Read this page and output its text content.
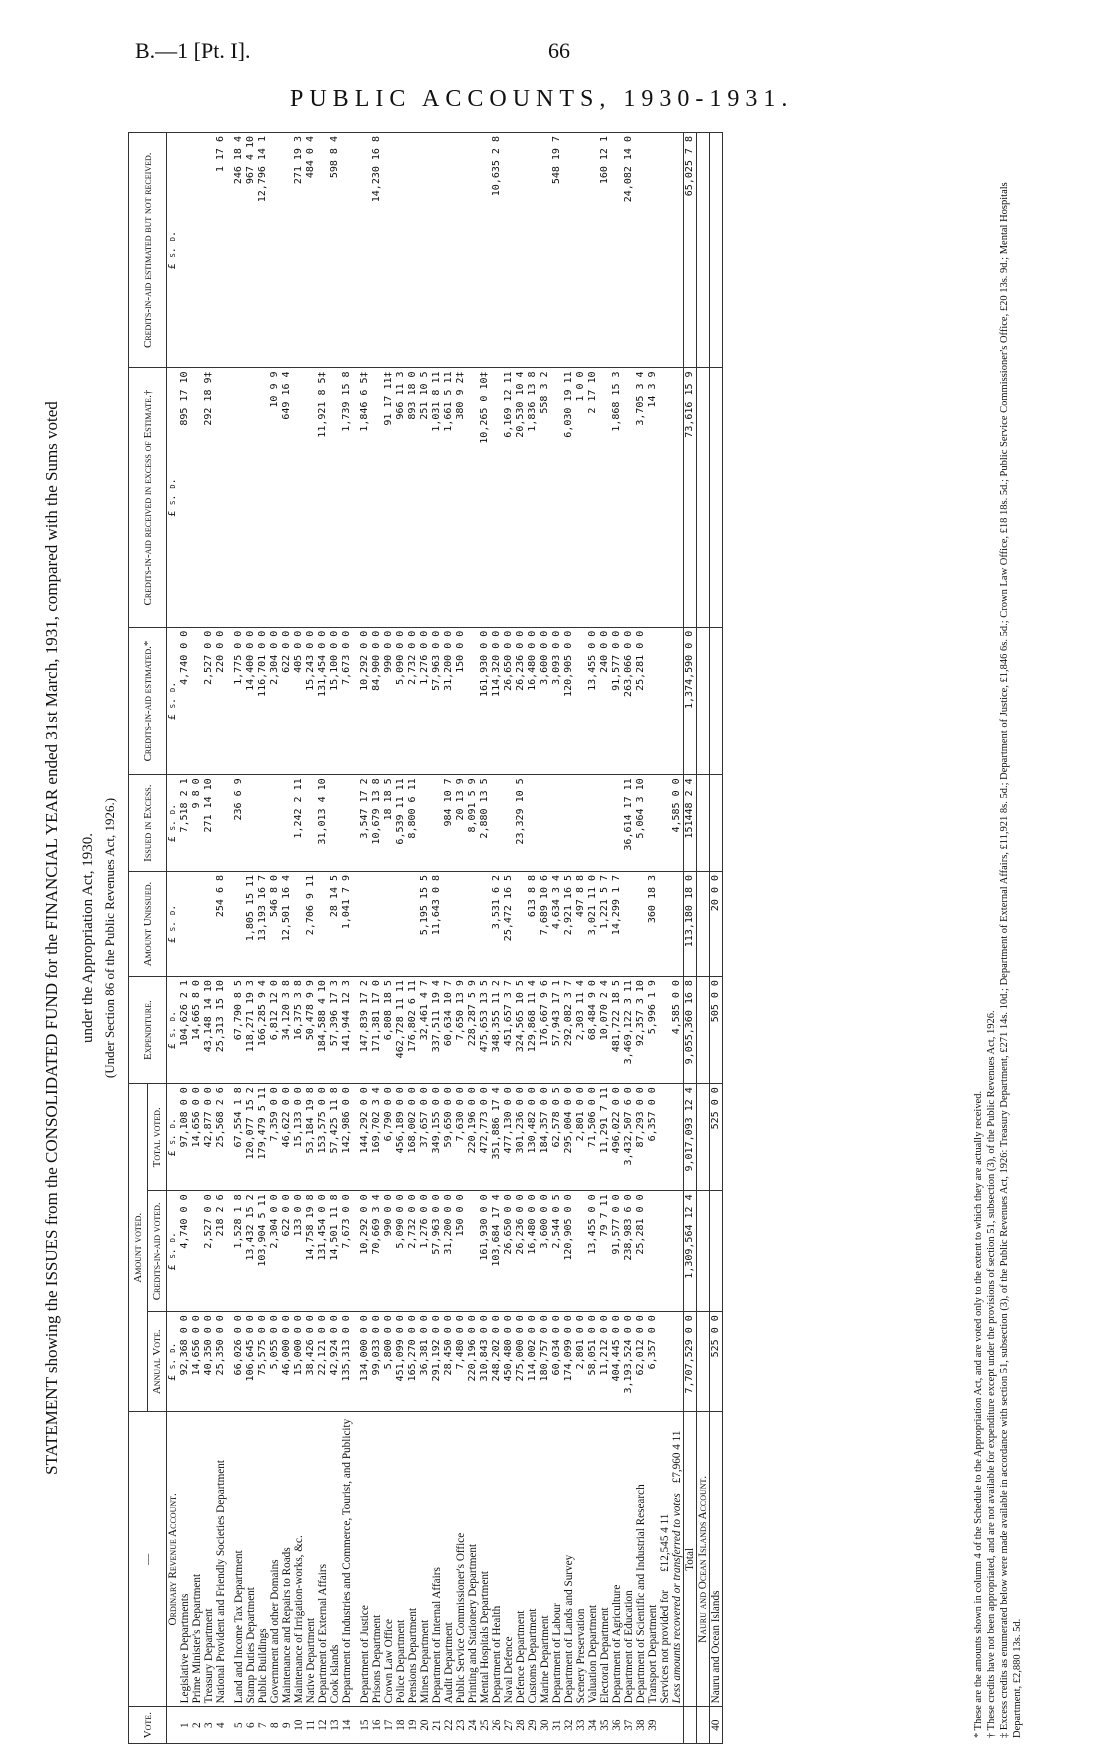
B.—1 [Pt. I].	66
PUBLIC ACCOUNTS, 1930-1931.
STATEMENT showing the ISSUES from the CONSOLIDATED FUND for the FINANCIAL YEAR ended 31st March, 1931, compared with the Sums voted under the Appropriation Act, 1930. (Under Section 86 of the Public Revenues Act, 1926.)
Vote.	—	Amount voted.			Expenditure.	Amount Unissued.	Issued in Excess.	Credits-in-aid estimated.*	Credits-in-aid received in excess of Estimate.†	Credits-in-aid estimated but not received.
		Annual Vote.	Credits-in-aid voted.	Total voted.						
	Ordinary Revenue Account.	£ s. d.	£ s. d.	£ s. d.	£ s. d.	£ s. d.	£ s. d.	£ s. d.	£ s. d.	£ s. d.
1	Legislative Departments	92,368 0 0	4,740 0 0	97,108 0 0	104,626 2 1		7,518 2 1	4,740 0 0	895 17 10	
2	Prime Minister's Department	14,656 0 0		14,656 0 0	14,665 8 0		9 8 0			
3	Treasury Department	40,350 0 0	2,527 0 0	42,877 0 0	43,148 14 10		271 14 10	2,527 0 0	292 18 9‡	
4	National Provident and Friendly Societies Department	25,350 0 0	218 2 6	25,568 2 6	25,313 15 10	254 6 8		220 0 0		1 17 6

5	Land and Income Tax Department	66,026 0 0	1,528 1 8	67,554 1 8	67,790 8 5		236 6 9	1,775 0 0		246 18 4
6	Stamp Duties Department	106,645 0 0	13,432 15 2	120,077 15 2	118,271 19 3	1,805 15 11		14,400 0 0		967 4 10
7	Public Buildings	75,575 0 0	103,904 5 11	179,479 5 11	166,285 9 4	13,193 16 7		116,701 0 0		12,796 14 1
8	Government and other Domains	5,055 0 0	2,304 0 0	7,359 0 0	6,812 12 0	546 8 0		2,304 0 0	10 9 9	
9	Maintenance and Repairs to Roads	46,000 0 0	622 0 0	46,622 0 0	34,120 3 8	12,501 16 4		622 0 0	649 16 4	
10	Maintenance of Irrigation-works, &c.	15,000 0 0	133 0 0	15,133 0 0	16,375 3 8		1,242 2 11	405 0 0		271 19 3
11	Native Department	38,426 0 0	14,758 19 8	53,184 19 8	50,478 9 9	2,706 9 11		15,243 0 0		484 0 4
12	Department of External Affairs	22,121 0 0	131,454 0 0	153,575 0 0	184,588 4 10		31,013 4 10	131,454 0 0	11,921 8 5‡	
13	Cook Islands	42,924 0 0	14,501 11 8	57,425 11 8	57,396 17 3	28 14 5		15,100 0 0		598 8 4
14	Department of Industries and Commerce, Tourist, and Publicity	135,313 0 0	7,673 0 0	142,986 0 0	141,944 12 3	1,041 7 9		7,673 0 0	1,739 15 8	

15	Department of Justice	134,000 0 0	10,292 0 0	144,292 0 0	147,839 17 2		3,547 17 2	10,292 0 0	1,846 6 5‡	
16	Prisons Department	99,033 0 0	70,669 3 4	169,702 3 4	171,381 17 0		10,679 13 8	84,900 0 0		14,230 16 8
17	Crown Law Office	5,800 0 0	990 0 0	6,790 0 0	6,808 18 5		18 18 5	990 0 0	91 17 11‡	
18	Police Department	451,099 0 0	5,090 0 0	456,189 0 0	462,728 11 11		6,539 11 11	5,090 0 0	966 11 3	
19	Pensions Department	165,270 0 0	2,732 0 0	168,002 0 0	176,802 6 11		8,800 6 11	2,732 0 0	893 18 0	
20	Mines Department	36,381 0 0	1,276 0 0	37,657 0 0	32,461 4 7	5,195 15 5		1,276 0 0	251 10 5	
21	Department of Internal Affairs	291,192 0 0	57,963 0 0	349,155 0 0	337,511 19 4	11,643 0 8		57,963 0 0	1,031 8 11	
22	Audit Department	28,450 0 0	31,200 0 0	59,650 0 0	60,634 10 7		984 10 7	31,200 0 0	1,661 5 11	
23	Public Service Commissioner's Office	7,480 0 0	150 0 0	7,630 0 0	7,650 13 9		20 13 9	150 0 0	380 9 2‡	
24	Printing and Stationery Department	220,196 0 0		220,196 0 0	228,287 5 9		8,091 5 9			
25	Mental Hospitals Department	310,843 0 0	161,930 0 0	472,773 0 0	475,653 13 5		2,880 13 5	161,930 0 0	10,265 0 10‡	
26	Department of Health	248,202 0 0	103,684 17 4	351,886 17 4	348,355 11 2	3,531 6 2		114,320 0 0		10,635 2 8
27	Naval Defence	450,480 0 0	26,650 0 0	477,130 0 0	451,657 3 7	25,472 16 5		26,650 0 0	6,169 12 11	
28	Defence Department	275,000 0 0	26,236 0 0	301,236 0 0	324,565 10 5		23,329 10 5	26,236 0 0	20,530 10 4	
29	Customs Department	114,002 0 0	16,480 0 0	130,482 0 0	129,868 11 4	613 8 8		16,480 0 0	1,836 13 8	
30	Marine Department	180,757 0 0	3,600 0 0	184,357 0 0	176,667 9 6	7,689 10 6		3,600 0 0	558 3 2	
31	Department of Labour	60,034 0 0	2,544 0 5	62,578 0 5	57,943 17 1	4,634 3 4		3,093 0 0		548 19 7
32	Department of Lands and Survey	174,099 0 0	120,905 0 0	295,004 0 0	292,082 3 7	2,921 16 5		120,905 0 0	6,030 19 11	
33	Scenery Preservation	2,801 0 0		2,801 0 0	2,303 11 4	497 8 8			1 0 0	
34	Valuation Department	58,051 0 0	13,455 0 0	71,506 0 0	68,484 9 0	3,021 11 0		13,455 0 0	2 17 10	
35	Electoral Department	11,212 0 0	79 7 11	11,291 7 11	10,070 2 4	1,221 5 7		240 0 0		160 12 1
36	Department of Agriculture	404,445 0 0	91,577 0 0	496,022 0 0	481,722 18 5	14,299 1 7		91,577 0 0	1,868 15 3	
37	Department of Education	3,193,524 0 0	238,983 6 0	3,432,507 6 0	3,469,122 3 11		36,614 17 11	263,066 0 0		24,082 14 0
38	Department of Scientific and Industrial Research	62,012 0 0	25,281 0 0	87,293 0 0	92,357 3 10		5,064 3 10	25,281 0 0	3,705 3 4	
39	Transport Department	6,357 0 0		6,357 0 0	5,996 1 9	360 18 3			14 3 9	
	Services not provided for£12,545 4 11									
	Less amounts recovered or transferred to votes£7,960 4 11				4,585 0 0		4,585 0 0			
	Total	7,707,529 0 0	1,309,564 12 4	9,017,093 12 4	9,055,360 16 8	113,180 18 0	151448 2 4	1,374,590 0 0	73,616 15 9	65,025 7 8
	Nauru and Ocean Islands Account.									
40	Nauru and Ocean Islands	525 0 0		525 0 0	505 0 0	20 0 0				

* These are the amounts shown in column 4 of the Schedule to the Appropriation Act, and are voted only to the extent to which they are actually received. † These credits have not been appropriated, and are not available for expenditure except under the provisions of section 51, subsection (3), of the Public Revenues Act, 1926. ‡ Excess credits as enumerated below were made available in accordance with section 51, subsection (3), of the Public Revenues Act, 1926: Treasury Department, £271 14s. 10d.; Department of External Affairs, £11,921 8s. 5d.; Department of Justice, £1,846 6s. 5d.; Crown Law Office, £18 18s. 5d.; Public Service Commissioner's Office, £20 13s. 9d.; Mental Hospitals Department, £2,880 13s. 5d.
